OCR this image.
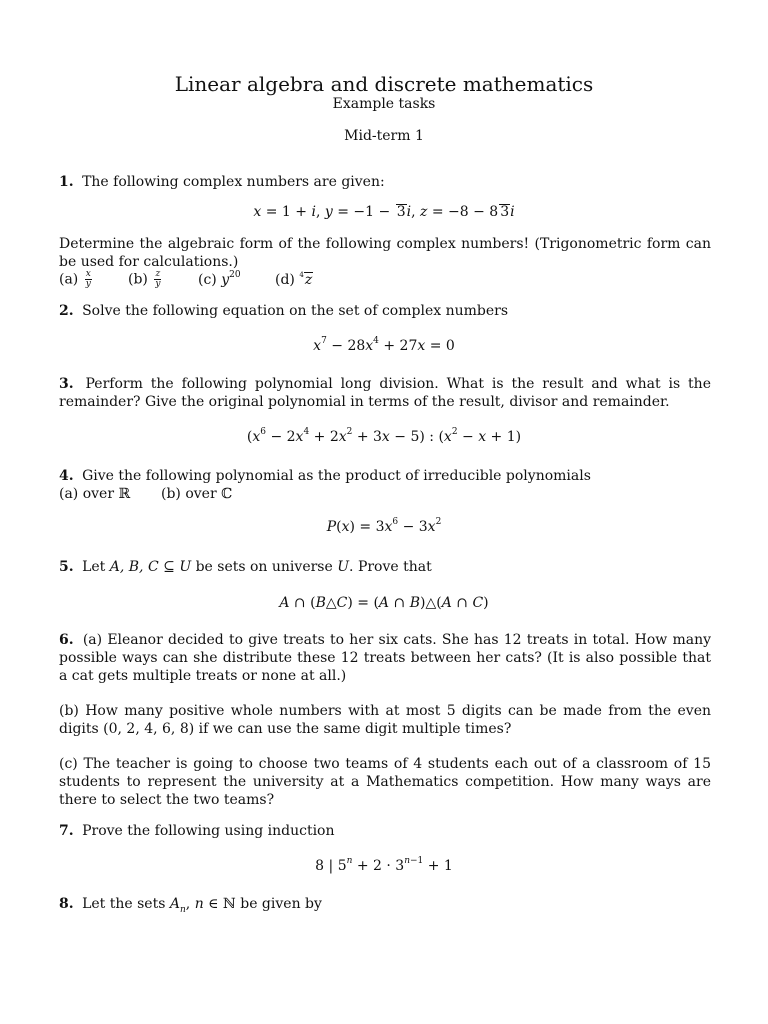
Linear algebra and discrete mathematics
Example tasks
Mid-term 1
1. The following complex numbers are given:
x = 1 + i, y = −1 − 3i, z = −8 − 8 3i
Determine the algebraic form of the following complex numbers! (Trigonometric form can be used for calculations.)
$(a) \frac{x}{y}$	$(b) \frac{z}{y}$	(c) $y^{20}$ (d) $^4$z
2. Solve the following equation on the set of complex numbers
$x^7 - 28x^4 + 27x = 0$
3. Perform the following polynomial long division. What is the result and what is the remainder? Give the original polynomial in terms of the result, divisor and remainder.
$(x^6 - 2x^4 + 2x^2 + 3x - 5)$ : $(x^2 - x + 1)$
4. Give the following polynomial as the product of irreducible polynomials
(a) over ℝ (b) over ℂ
$P(x) = 3x^6 - 3x^2$
5. Let A, B, C ⊆ U be sets on universe U. Prove that
A ∩ (B△C) = (A ∩ B)△(A ∩ C)
6. (a) Eleanor decided to give treats to her six cats. She has 12 treats in total. How many possible ways can she distribute these 12 treats between her cats? (It is also possible that a cat gets multiple treats or none at all.)
(b) How many positive whole numbers with at most 5 digits can be made from the even digits (0, 2, 4, 6, 8) if we can use the same digit multiple times?
(c) The teacher is going to choose two teams of 4 students each out of a classroom of 15 students to represent the university at a Mathematics competition. How many ways are there to select the two teams?
7. Prove the following using induction
8 | $5^n + 2 \cdot 3^{n-1} + 1$
8. Let the sets $A_n$, n ∈ ℕ be given by
